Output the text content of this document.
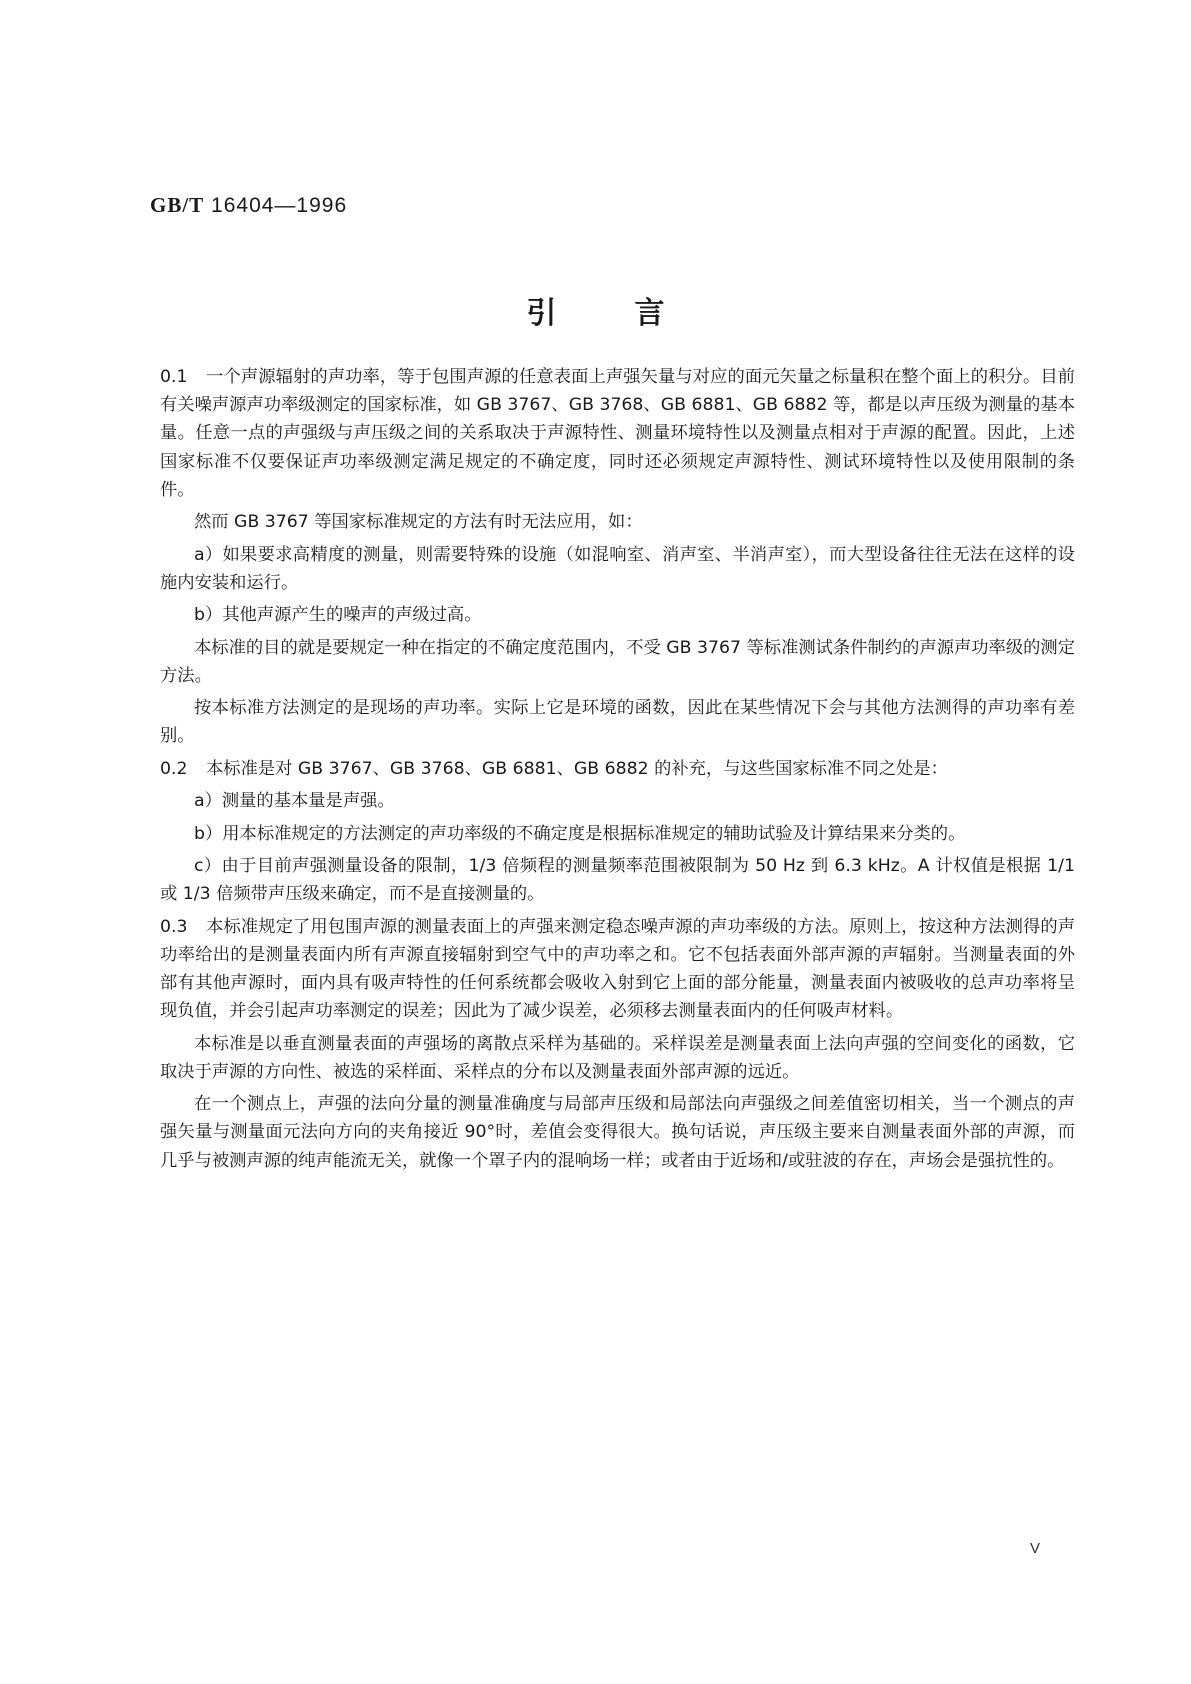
GB/T 16404—1996
引言

0.1 一个声源辐射的声功率，等于包围声源的任意表面上声强矢量与对应的面元矢量之标量积在整个面上的积分。目前有关噪声源声功率级测定的国家标准，如 GB 3767、GB 3768、GB 6881、GB 6882 等，都是以声压级为测量的基本量。任意一点的声强级与声压级之间的关系取决于声源特性、测量环境特性以及测量点相对于声源的配置。因此，上述国家标准不仅要保证声功率级测定满足规定的不确定度，同时还必须规定声源特性、测试环境特性以及使用限制的条件。

然而 GB 3767 等国家标准规定的方法有时无法应用，如：

a）如果要求高精度的测量，则需要特殊的设施（如混响室、消声室、半消声室），而大型设备往往无法在这样的设施内安装和运行。

b）其他声源产生的噪声的声级过高。

本标准的目的就是要规定一种在指定的不确定度范围内，不受 GB 3767 等标准测试条件制约的声源声功率级的测定方法。

按本标准方法测定的是现场的声功率。实际上它是环境的函数，因此在某些情况下会与其他方法测得的声功率有差别。

0.2 本标准是对 GB 3767、GB 3768、GB 6881、GB 6882 的补充，与这些国家标准不同之处是：

a）测量的基本量是声强。

b）用本标准规定的方法测定的声功率级的不确定度是根据标准规定的辅助试验及计算结果来分类的。

c）由于目前声强测量设备的限制，1/3 倍频程的测量频率范围被限制为 50 Hz 到 6.3 kHz。A 计权值是根据 1/1 或 1/3 倍频带声压级来确定，而不是直接测量的。

0.3 本标准规定了用包围声源的测量表面上的声强来测定稳态噪声源的声功率级的方法。原则上，按这种方法测得的声功率给出的是测量表面内所有声源直接辐射到空气中的声功率之和。它不包括表面外部声源的声辐射。当测量表面的外部有其他声源时，面内具有吸声特性的任何系统都会吸收入射到它上面的部分能量，测量表面内被吸收的总声功率将呈现负值，并会引起声功率测定的误差；因此为了减少误差，必须移去测量表面内的任何吸声材料。

本标准是以垂直测量表面的声强场的离散点采样为基础的。采样误差是测量表面上法向声强的空间变化的函数，它取决于声源的方向性、被选的采样面、采样点的分布以及测量表面外部声源的远近。

在一个测点上，声强的法向分量的测量准确度与局部声压级和局部法向声强级之间差值密切相关，当一个测点的声强矢量与测量面元法向方向的夹角接近 90°时，差值会变得很大。换句话说，声压级主要来自测量表面外部的声源，而几乎与被测声源的纯声能流无关，就像一个罩子内的混响场一样；或者由于近场和/或驻波的存在，声场会是强抗性的。

V
